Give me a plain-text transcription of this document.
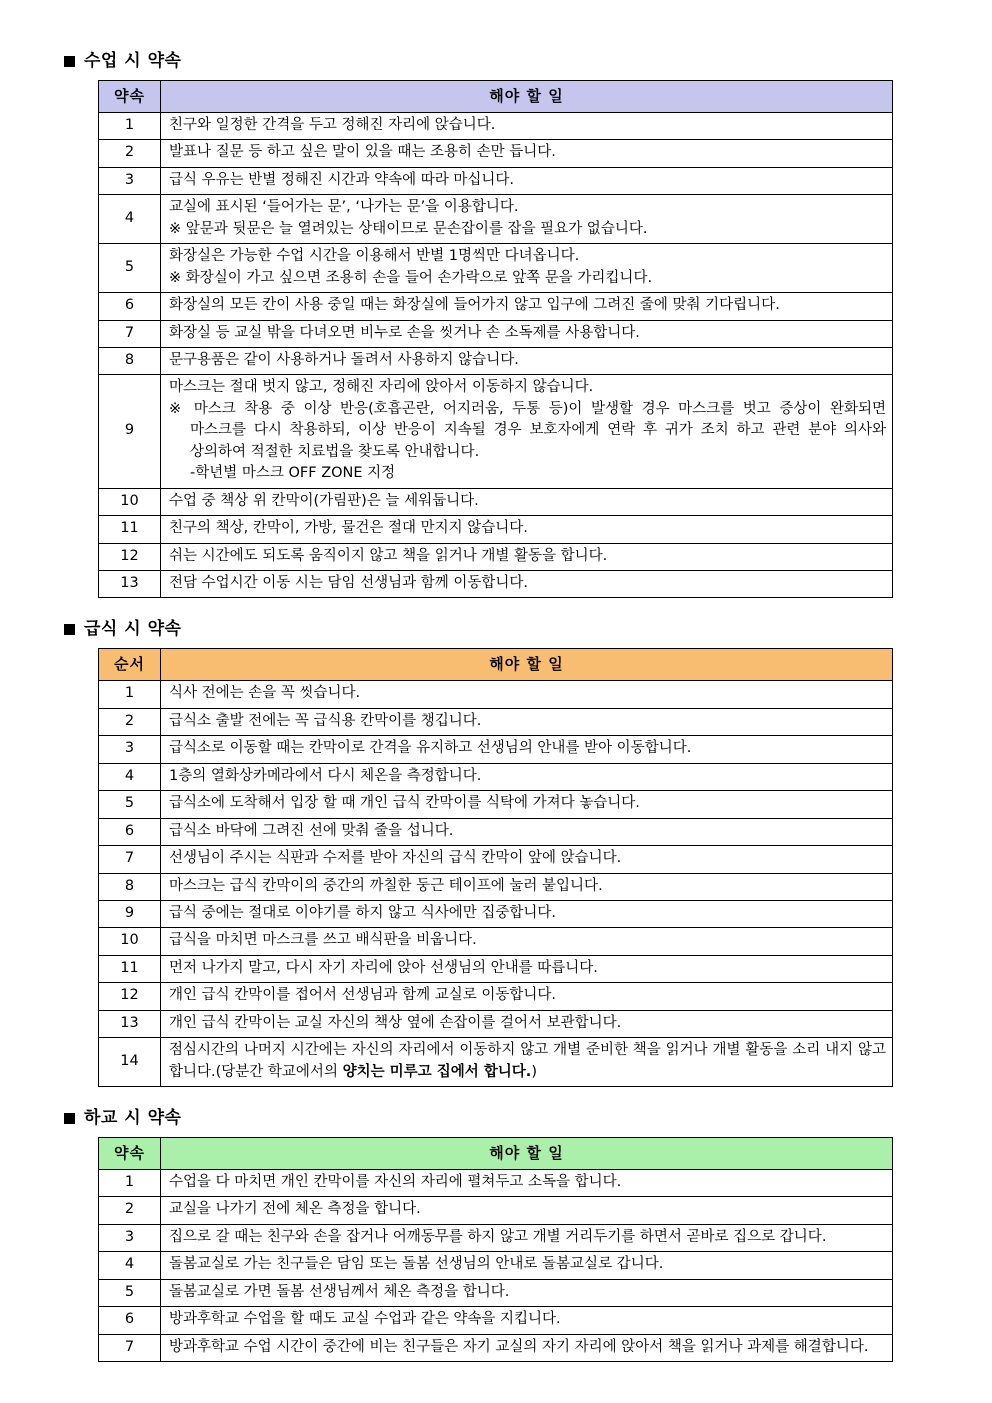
수업 시 약속
약속	해야 할 일
1	친구와 일정한 간격을 두고 정해진 자리에 앉습니다.

2	발표나 질문 등 하고 싶은 말이 있을 때는 조용히 손만 듭니다.

3	급식 우유는 반별 정해진 시간과 약속에 따라 마십니다.

4	교실에 표시된 ‘들어가는 문’, ‘나가는 문’을 이용합니다.
※ 앞문과 뒷문은 늘 열려있는 상태이므로 문손잡이를 잡을 필요가 없습니다.

5	화장실은 가능한 수업 시간을 이용해서 반별 1명씩만 다녀옵니다.
※ 화장실이 가고 싶으면 조용히 손을 들어 손가락으로 앞쪽 문을 가리킵니다.

6	화장실의 모든 칸이 사용 중일 때는 화장실에 들어가지 않고 입구에 그려진 줄에 맞춰 기다립니다.

7	화장실 등 교실 밖을 다녀오면 비누로 손을 씻거나 손 소독제를 사용합니다.

8	문구용품은 같이 사용하거나 돌려서 사용하지 않습니다.

9	마스크는 절대 벗지 않고, 정해진 자리에 앉아서 이동하지 않습니다.
※ 마스크 착용 중 이상 반응(호흡곤란, 어지러움, 두통 등)이 발생할 경우 마스크를 벗고 증상이 완화되면 마스크를 다시 착용하되, 이상 반응이 지속될 경우 보호자에게 연락 후 귀가 조치 하고 관련 분야 의사와 상의하여 적절한 치료법을 찾도록 안내합니다.
-학년별 마스크 OFF ZONE 지정

10	수업 중 책상 위 칸막이(가림판)은 늘 세워둡니다.

11	친구의 책상, 칸막이, 가방, 물건은 절대 만지지 않습니다.

12	쉬는 시간에도 되도록 움직이지 않고 책을 읽거나 개별 활동을 합니다.

13	전담 수업시간 이동 시는 담임 선생님과 함께 이동합니다.
급식 시 약속
순서	해야 할 일
1	식사 전에는 손을 꼭 씻습니다.

2	급식소 출발 전에는 꼭 급식용 칸막이를 챙깁니다.

3	급식소로 이동할 때는 칸막이로 간격을 유지하고 선생님의 안내를 받아 이동합니다.

4	1층의 열화상카메라에서 다시 체온을 측정합니다.

5	급식소에 도착해서 입장 할 때 개인 급식 칸막이를 식탁에 가져다 놓습니다.

6	급식소 바닥에 그려진 선에 맞춰 줄을 섭니다.

7	선생님이 주시는 식판과 수저를 받아 자신의 급식 칸막이 앞에 앉습니다.

8	마스크는 급식 칸막이의 중간의 까칠한 둥근 테이프에 눌러 붙입니다.

9	급식 중에는 절대로 이야기를 하지 않고 식사에만 집중합니다.

10	급식을 마치면 마스크를 쓰고 배식판을 비웁니다.

11	먼저 나가지 말고, 다시 자기 자리에 앉아 선생님의 안내를 따릅니다.

12	개인 급식 칸막이를 접어서 선생님과 함께 교실로 이동합니다.

13	개인 급식 칸막이는 교실 자신의 책상 옆에 손잡이를 걸어서 보관합니다.

14	점심시간의 나머지 시간에는 자신의 자리에서 이동하지 않고 개별 준비한 책을 읽거나 개별 활동을 소리 내지 않고 합니다.(당분간 학교에서의 양치는 미루고 집에서 합니다.)
하교 시 약속
약속	해야 할 일
1	수업을 다 마치면 개인 칸막이를 자신의 자리에 펼쳐두고 소독을 합니다.

2	교실을 나가기 전에 체온 측정을 합니다.

3	집으로 갈 때는 친구와 손을 잡거나 어깨동무를 하지 않고 개별 거리두기를 하면서 곧바로 집으로 갑니다.

4	돌봄교실로 가는 친구들은 담임 또는 돌봄 선생님의 안내로 돌봄교실로 갑니다.

5	돌봄교실로 가면 돌봄 선생님께서 체온 측정을 합니다.

6	방과후학교 수업을 할 때도 교실 수업과 같은 약속을 지킵니다.

7	방과후학교 수업 시간이 중간에 비는 친구들은 자기 교실의 자기 자리에 앉아서 책을 읽거나 과제를 해결합니다.
